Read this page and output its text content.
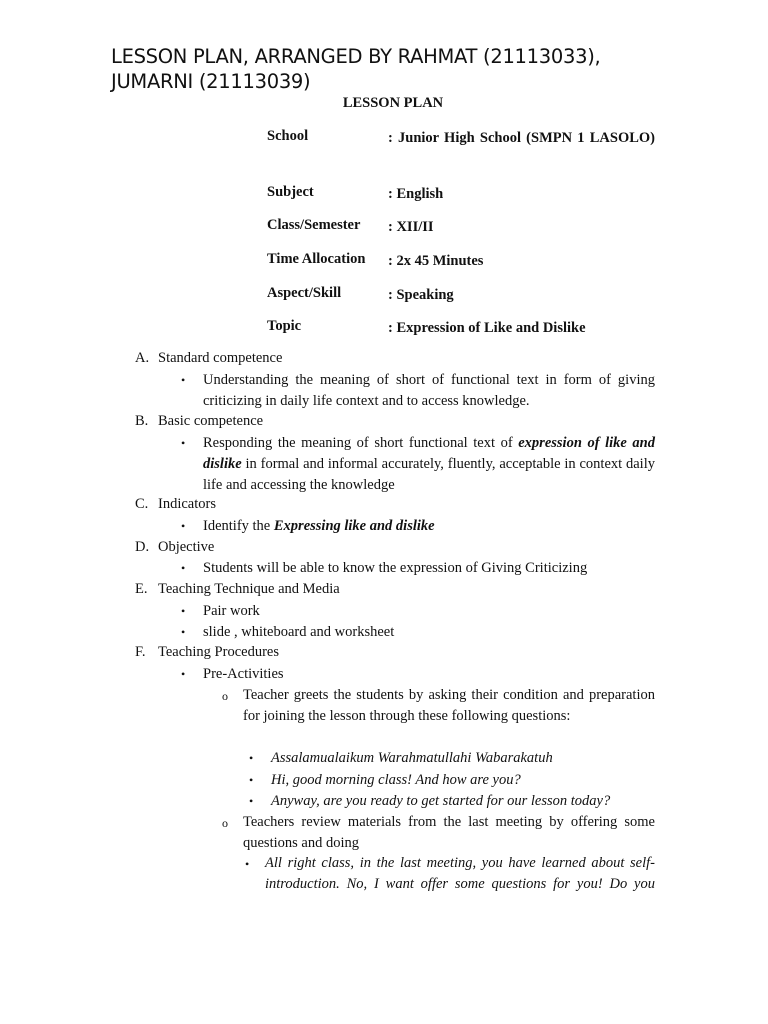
LESSON PLAN, ARRANGED BY RAHMAT (21113033), JUMARNI (21113039)
LESSON PLAN
School	: Junior High School (SMPN 1 LASOLO)
Subject	: English
Class/Semester	: XII/II
Time Allocation	: 2x 45 Minutes
Aspect/Skill	: Speaking
Topic	: Expression of Like and Dislike
A. Standard competence
• Understanding the meaning of short of functional text in form of giving criticizing in daily life context and to access knowledge.
B. Basic competence
• Responding the meaning of short functional text of expression of like and dislike in formal and informal accurately, fluently, acceptable in context daily life and accessing the knowledge
C. Indicators
• Identify the Expressing like and dislike
D. Objective
• Students will be able to know the expression of Giving Criticizing
E. Teaching Technique and Media
• Pair work
• slide , whiteboard and worksheet
F. Teaching Procedures
• Pre-Activities
o Teacher greets the students by asking their condition and preparation for joining the lesson through these following questions:
• Assalamualaikum Warahmatullahi Wabarakatuh
• Hi, good morning class! And how are you?
• Anyway, are you ready to get started for our lesson today?
o Teachers review materials from the last meeting by offering some questions and doing
• All right class, in the last meeting, you have learned about self-introduction. No, I want offer some questions for you! Do you
